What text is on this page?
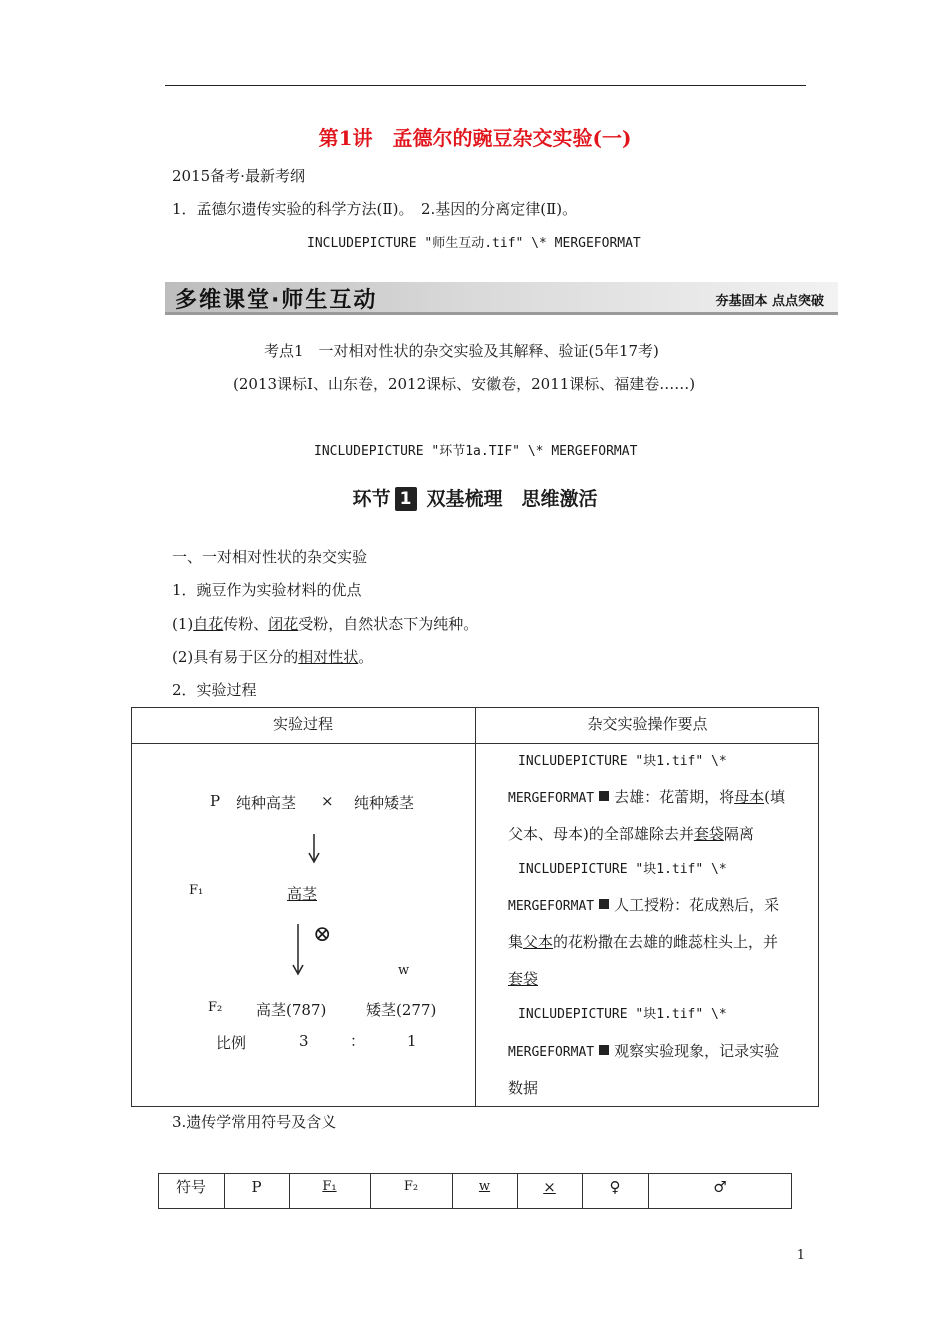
第1讲　孟德尔的豌豆杂交实验(一)
2015备考·最新考纲
1．孟德尔遗传实验的科学方法(Ⅱ)。　2.基因的分离定律(Ⅱ)。
INCLUDEPICTURE "师生互动.tif" \* MERGEFORMAT
多维课堂·师生互动	夯基固本 点点突破
考点1　一对相对性状的杂交实验及其解释、验证(5年17考)
(2013课标Ⅰ、山东卷，2012课标、安徽卷，2011课标、福建卷……)
INCLUDEPICTURE "环节1a.TIF" \* MERGEFORMAT
环节 1 双基梳理　思维激活
一、一对相对性状的杂交实验
1．豌豆作为实验材料的优点
(1)自花传粉、闭花受粉，自然状态下为纯种。
(2)具有易于区分的相对性状。
2．实验过程
实验过程	杂交实验操作要点
P 纯种高茎 × 纯种矮茎
F₁	高茎
⊗
w
F₂ 高茎(787)	矮茎(277)
比例	3	：	1
INCLUDEPICTURE "块1.tif" \*
MERGEFORMAT 去雄：花蕾期，将母本(填
父本、母本)的全部雄除去并套袋隔离
INCLUDEPICTURE "块1.tif" \*
MERGEFORMAT 人工授粉：花成熟后，采
集父本的花粉撒在去雄的雌蕊柱头上，并
套袋
INCLUDEPICTURE "块1.tif" \*
MERGEFORMAT 观察实验现象，记录实验
数据
3.遗传学常用符号及含义
符号	P	F₁	F₂	w	×	♀	♂
1
